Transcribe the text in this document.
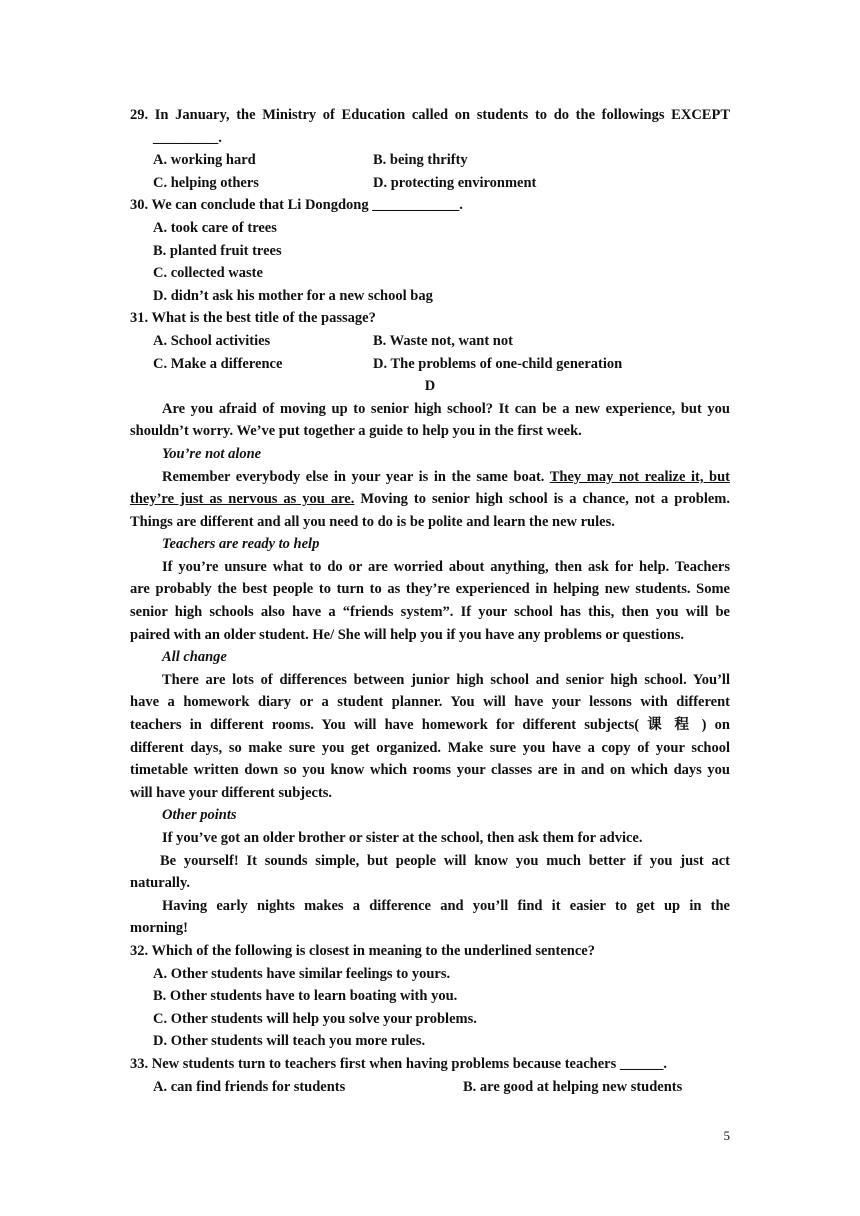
29. In January, the Ministry of Education called on students to do the followings EXCEPT
_________.
A. working hard	B. being thrifty
C. helping others	D. protecting environment
30. We can conclude that Li Dongdong ____________.
A. took care of trees
B. planted fruit trees
C. collected waste
D. didn’t ask his mother for a new school bag
31. What is the best title of the passage?
A. School activities	B. Waste not, want not
C. Make a difference	D. The problems of one-child generation
D
Are you afraid of moving up to senior high school? It can be a new experience, but you
shouldn’t worry. We’ve put together a guide to help you in the first week.
You’re not alone
Remember everybody else in your year is in the same boat. They may not realize it, but
they’re just as nervous as you are. Moving to senior high school is a chance, not a problem.
Things are different and all you need to do is be polite and learn the new rules.
Teachers are ready to help
If you’re unsure what to do or are worried about anything, then ask for help. Teachers
are probably the best people to turn to as they’re experienced in helping new students. Some
senior high schools also have a “friends system”. If your school has this, then you will be
paired with an older student. He/ She will help you if you have any problems or questions.
All change
There are lots of differences between junior high school and senior high school. You’ll
have a homework diary or a student planner. You will have your lessons with different
teachers in different rooms. You will have homework for different subjects( 课 程 ) on
different days, so make sure you get organized. Make sure you have a copy of your school
timetable written down so you know which rooms your classes are in and on which days you
will have your different subjects.
Other points
If you’ve got an older brother or sister at the school, then ask them for advice.
Be yourself! It sounds simple, but people will know you much better if you just act
naturally.
Having early nights makes a difference and you’ll find it easier to get up in the
morning!
32. Which of the following is closest in meaning to the underlined sentence?
A. Other students have similar feelings to yours.
B. Other students have to learn boating with you.
C. Other students will help you solve your problems.
D. Other students will teach you more rules.
33. New students turn to teachers first when having problems because teachers ______.
A. can find friends for students	B. are good at helping new students
5
